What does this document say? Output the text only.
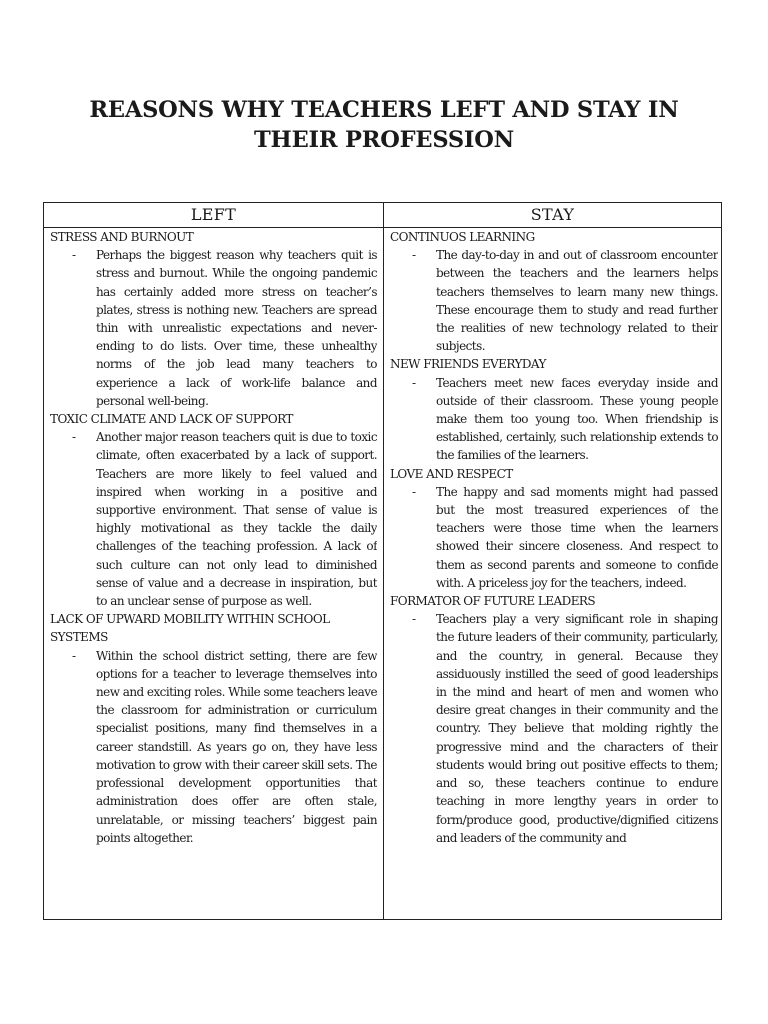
REASONS WHY TEACHERS LEFT AND STAY IN
THEIR PROFESSION
LEFT	STAY

STRESS AND BURNOUT

- Perhaps the biggest reason why teachers quit is stress and burnout. While the ongoing pandemic has certainly added more stress on teacher’s plates, stress is nothing new. Teachers are spread thin with unrealistic expectations and never-ending to do lists. Over time, these unhealthy norms of the job lead many teachers to experience a lack of work-life balance and personal well-being.

TOXIC CLIMATE AND LACK OF SUPPORT

- Another major reason teachers quit is due to toxic climate, often exacerbated by a lack of support. Teachers are more likely to feel valued and inspired when working in a positive and supportive environment. That sense of value is highly motivational as they tackle the daily challenges of the teaching profession. A lack of such culture can not only lead to diminished sense of value and a decrease in inspiration, but to an unclear sense of purpose as well.

LACK OF UPWARD MOBILITY WITHIN SCHOOL SYSTEMS

- Within the school district setting, there are few options for a teacher to leverage themselves into new and exciting roles. While some teachers leave the classroom for administration or curriculum specialist positions, many find themselves in a career standstill. As years go on, they have less motivation to grow with their career skill sets. The professional development opportunities that administration does offer are often stale, unrelatable, or missing teachers’ biggest pain points altogether.

CONTINUOS LEARNING

- The day-to-day in and out of classroom encounter between the teachers and the learners helps teachers themselves to learn many new things. These encourage them to study and read further the realities of new technology related to their subjects.

NEW FRIENDS EVERYDAY

- Teachers meet new faces everyday inside and outside of their classroom. These young people make them too young too. When friendship is established, certainly, such relationship extends to the families of the learners.

LOVE AND RESPECT

- The happy and sad moments might had passed but the most treasured experiences of the teachers were those time when the learners showed their sincere closeness. And respect to them as second parents and someone to confide with. A priceless joy for the teachers, indeed.

FORMATOR OF FUTURE LEADERS

- Teachers play a very significant role in shaping the future leaders of their community, particularly, and the country, in general. Because they assiduously instilled the seed of good leaderships in the mind and heart of men and women who desire great changes in their community and the country. They believe that molding rightly the progressive mind and the characters of their students would bring out positive effects to them; and so, these teachers continue to endure teaching in more lengthy years in order to form/produce good, productive/dignified citizens and leaders of the community and
